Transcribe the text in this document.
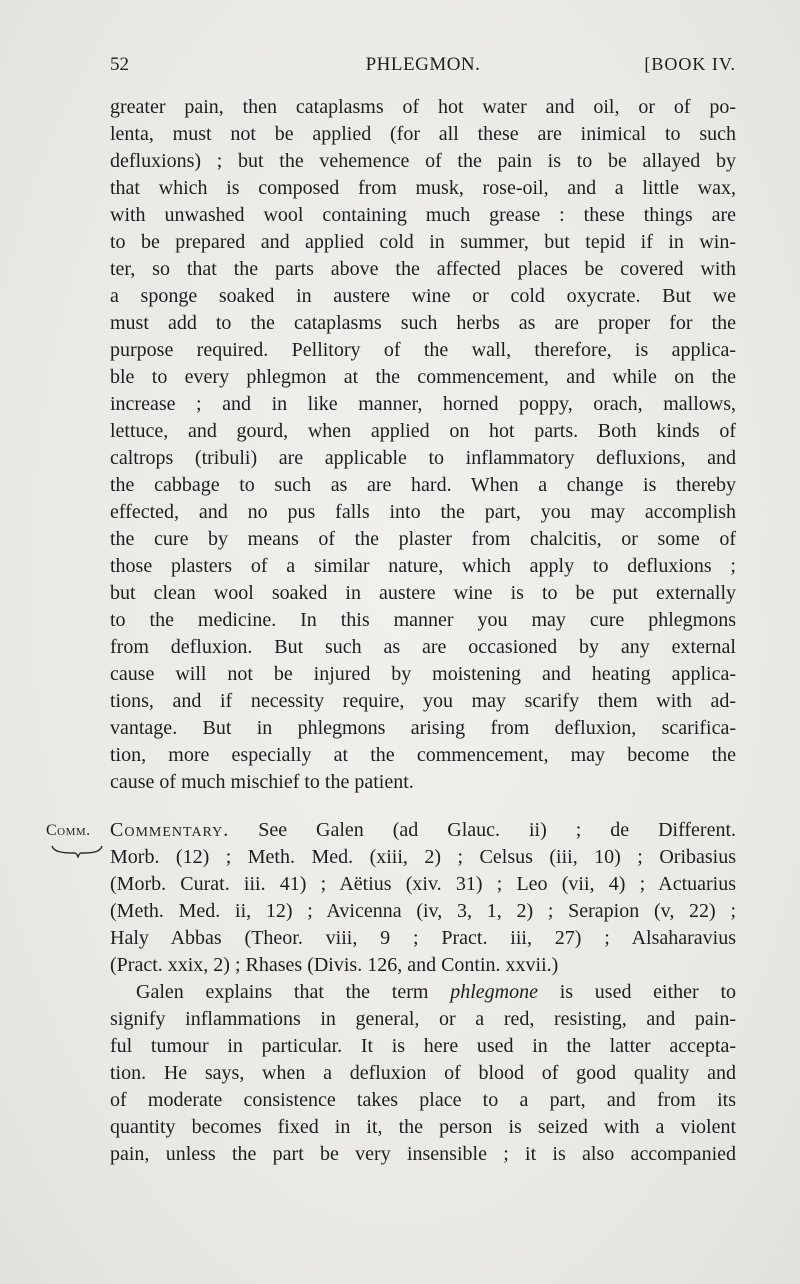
52	PHLEGMON.	[BOOK IV.
Comm.
greater pain, then cataplasms of hot water and oil, or of po-
lenta, must not be applied (for all these are inimical to such
defluxions) ; but the vehemence of the pain is to be allayed by
that which is composed from musk, rose-oil, and a little wax,
with unwashed wool containing much grease : these things are
to be prepared and applied cold in summer, but tepid if in win-
ter, so that the parts above the affected places be covered with
a sponge soaked in austere wine or cold oxycrate. But we
must add to the cataplasms such herbs as are proper for the
purpose required. Pellitory of the wall, therefore, is applica-
ble to every phlegmon at the commencement, and while on the
increase ; and in like manner, horned poppy, orach, mallows,
lettuce, and gourd, when applied on hot parts. Both kinds of
caltrops (tribuli) are applicable to inflammatory defluxions, and
the cabbage to such as are hard. When a change is thereby
effected, and no pus falls into the part, you may accomplish
the cure by means of the plaster from chalcitis, or some of
those plasters of a similar nature, which apply to defluxions ;
but clean wool soaked in austere wine is to be put externally
to the medicine. In this manner you may cure phlegmons
from defluxion. But such as are occasioned by any external
cause will not be injured by moistening and heating applica-
tions, and if necessity require, you may scarify them with ad-
vantage. But in phlegmons arising from defluxion, scarifica-
tion, more especially at the commencement, may become the
cause of much mischief to the patient.
Commentary. See Galen (ad Glauc. ii) ; de Different.
Morb. (12) ; Meth. Med. (xiii, 2) ; Celsus (iii, 10) ; Oribasius
(Morb. Curat. iii. 41) ; Aëtius (xiv. 31) ; Leo (vii, 4) ; Actuarius
(Meth. Med. ii, 12) ; Avicenna (iv, 3, 1, 2) ; Serapion (v, 22) ;
Haly Abbas (Theor. viii, 9 ; Pract. iii, 27) ; Alsaharavius
(Pract. xxix, 2) ; Rhases (Divis. 126, and Contin. xxvii.)
Galen explains that the term phlegmone is used either to
signify inflammations in general, or a red, resisting, and pain-
ful tumour in particular. It is here used in the latter accepta-
tion. He says, when a defluxion of blood of good quality and
of moderate consistence takes place to a part, and from its
quantity becomes fixed in it, the person is seized with a violent
pain, unless the part be very insensible ; it is also accompanied
